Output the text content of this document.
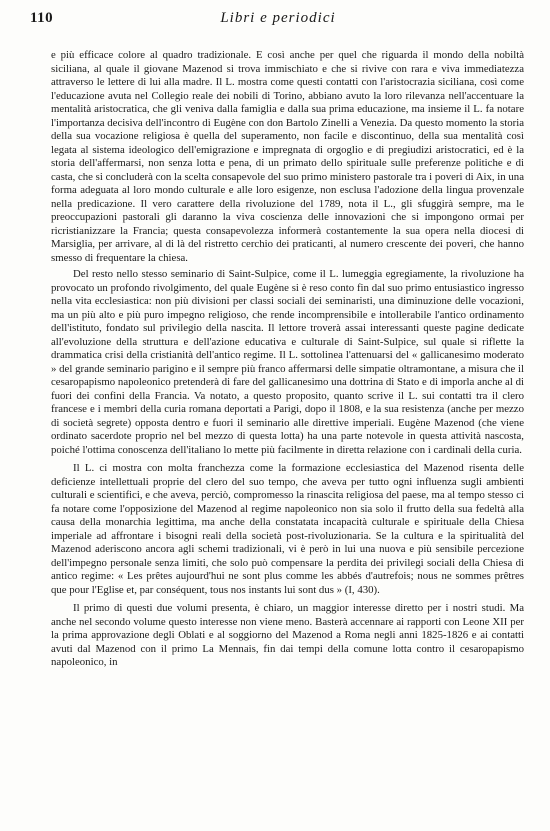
110	Libri e periodici

e più efficace colore al quadro tradizionale. E così anche per quel che riguarda il mondo della nobiltà siciliana, al quale il giovane Mazenod si trova immischiato e che si rivive con rara e viva immediatezza attraverso le lettere di lui alla madre. Il L. mostra come questi contatti con l'aristocrazia siciliana, così come l'educazione avuta nel Collegio reale dei nobili di Torino, abbiano avuto la loro rilevanza nell'accentuare la mentalità aristocratica, che gli veniva dalla famiglia e dalla sua prima educazione, ma insieme il L. fa notare l'importanza decisiva dell'incontro di Eugène con don Bartolo Zinelli a Venezia. Da questo momento la storia della sua vocazione religiosa è quella del superamento, non facile e discontinuo, della sua mentalità così legata al sistema ideologico dell'emigrazione e impregnata di orgoglio e di pregiudizi aristocratici, ed è la storia dell'affermarsi, non senza lotta e pena, di un primato dello spirituale sulle preferenze politiche e di casta, che si concluderà con la scelta consapevole del suo primo ministero pastorale tra i poveri di Aix, in una forma adeguata al loro mondo culturale e alle loro esigenze, non esclusa l'adozione della lingua provenzale nella predicazione. Il vero carattere della rivoluzione del 1789, nota il L., gli sfuggirà sempre, ma le preoccupazioni pastorali gli daranno la viva coscienza delle innovazioni che si impongono ormai per ricristianizzare la Francia; questa consapevolezza informerà costantemente la sua opera nella diocesi di Marsiglia, per arrivare, al di là del ristretto cerchio dei praticanti, al numero crescente dei poveri, che hanno smesso di frequentare la chiesa.

Del resto nello stesso seminario di Saint-Sulpice, come il L. lumeggia egregiamente, la rivoluzione ha provocato un profondo rivolgimento, del quale Eugène si è reso conto fin dal suo primo entusiastico ingresso nella vita ecclesiastica: non più divisioni per classi sociali dei seminaristi, una diminuzione delle vocazioni, ma un più alto e più puro impegno religioso, che rende incomprensibile e intollerabile l'antico ordinamento dell'istituto, fondato sul privilegio della nascita. Il lettore troverà assai interessanti queste pagine dedicate all'evoluzione della struttura e dell'azione educativa e culturale di Saint-Sulpice, sul quale si riflette la drammatica crisi della cristianità dell'antico regime. Il L. sottolinea l'attenuarsi del « gallicanesimo moderato » del grande seminario parigino e il sempre più franco affermarsi delle simpatie oltramontane, a misura che il cesaropapismo napoleonico pretenderà di fare del gallicanesimo una dottrina di Stato e di imporla anche al di fuori dei confini della Francia. Va notato, a questo proposito, quanto scrive il L. sui contatti tra il clero francese e i membri della curia romana deportati a Parigi, dopo il 1808, e la sua resistenza (anche per mezzo di società segrete) opposta dentro e fuori il seminario alle direttive imperiali. Eugène Mazenod (che viene ordinato sacerdote proprio nel bel mezzo di questa lotta) ha una parte notevole in questa attività nascosta, poiché l'ottima conoscenza dell'italiano lo mette più facilmente in diretta relazione con i cardinali della curia.

Il L. ci mostra con molta franchezza come la formazione ecclesiastica del Mazenod risenta delle deficienze intellettuali proprie del clero del suo tempo, che aveva per tutto ogni influenza sugli ambienti culturali e scientifici, e che aveva, perciò, compromesso la rinascita religiosa del paese, ma al tempo stesso ci fa notare come l'opposizione del Mazenod al regime napoleonico non sia solo il frutto della sua fedeltà alla causa della monarchia legittima, ma anche della constatata incapacità culturale e spirituale della Chiesa imperiale ad affrontare i bisogni reali della società post-rivoluzionaria. Se la cultura e la spiritualità del Mazenod aderiscono ancora agli schemi tradizionali, vi è però in lui una nuova e più sensibile percezione dell'impegno personale senza limiti, che solo può compensare la perdita dei privilegi sociali della Chiesa di antico regime: « Les prêtes aujourd'hui ne sont plus comme les abbés d'autrefois; nous ne sommes prêtres que pour l'Eglise et, par conséquent, tous nos instants lui sont dus » (I, 430).

Il primo di questi due volumi presenta, è chiaro, un maggior interesse diretto per i nostri studi. Ma anche nel secondo volume questo interesse non viene meno. Basterà accennare ai rapporti con Leone XII per la prima approvazione degli Oblati e al soggiorno del Mazenod a Roma negli anni 1825-1826 e ai contatti avuti dal Mazenod con il primo La Mennais, fin dai tempi della comune lotta contro il cesaropapismo napoleonico, in
